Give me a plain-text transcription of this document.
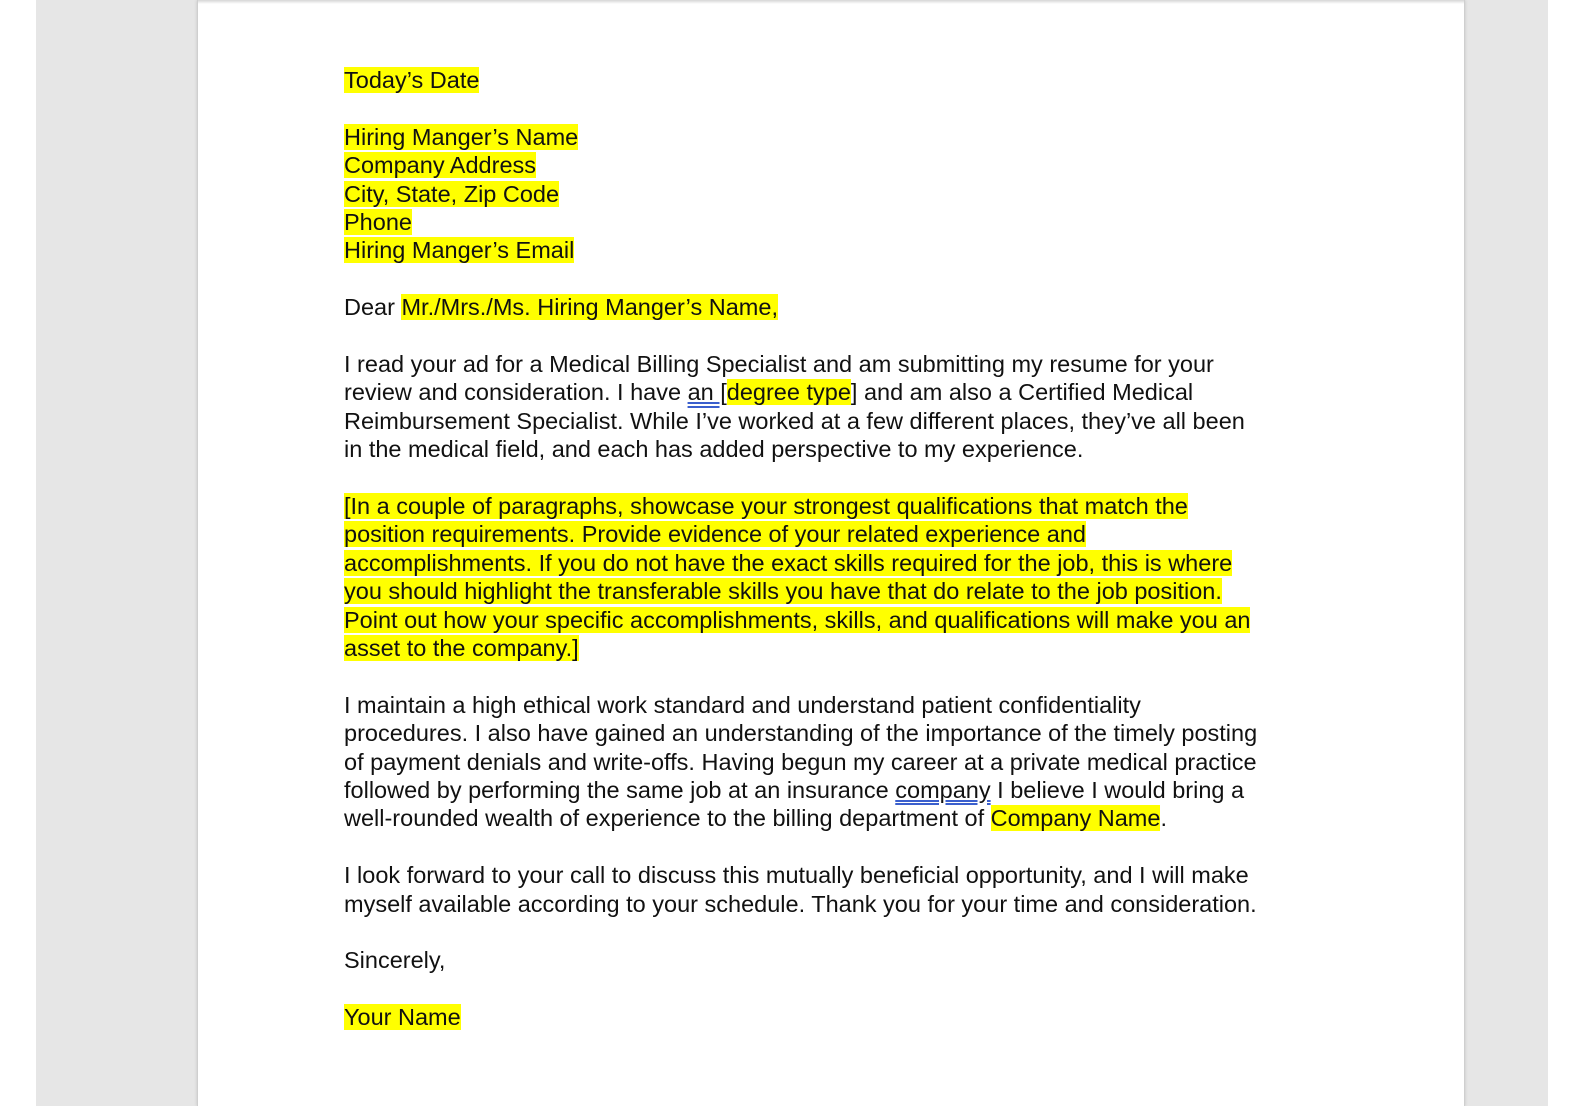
Today’s Date

Hiring Manger’s Name

Company Address

City, State, Zip Code

Phone

Hiring Manger’s Email

Dear Mr./Mrs./Ms. Hiring Manger’s Name,

I read your ad for a Medical Billing Specialist and am submitting my resume for your

review and consideration. I have an [degree type] and am also a Certified Medical

Reimbursement Specialist. While I’ve worked at a few different places, they’ve all been

in the medical field, and each has added perspective to my experience.

[In a couple of paragraphs, showcase your strongest qualifications that match the

position requirements. Provide evidence of your related experience and

accomplishments. If you do not have the exact skills required for the job, this is where

you should highlight the transferable skills you have that do relate to the job position.

Point out how your specific accomplishments, skills, and qualifications will make you an

asset to the company.]

I maintain a high ethical work standard and understand patient confidentiality

procedures. I also have gained an understanding of the importance of the timely posting

of payment denials and write-offs. Having begun my career at a private medical practice

followed by performing the same job at an insurance company I believe I would bring a

well-rounded wealth of experience to the billing department of Company Name.

I look forward to your call to discuss this mutually beneficial opportunity, and I will make

myself available according to your schedule. Thank you for your time and consideration.

Sincerely,

Your Name
